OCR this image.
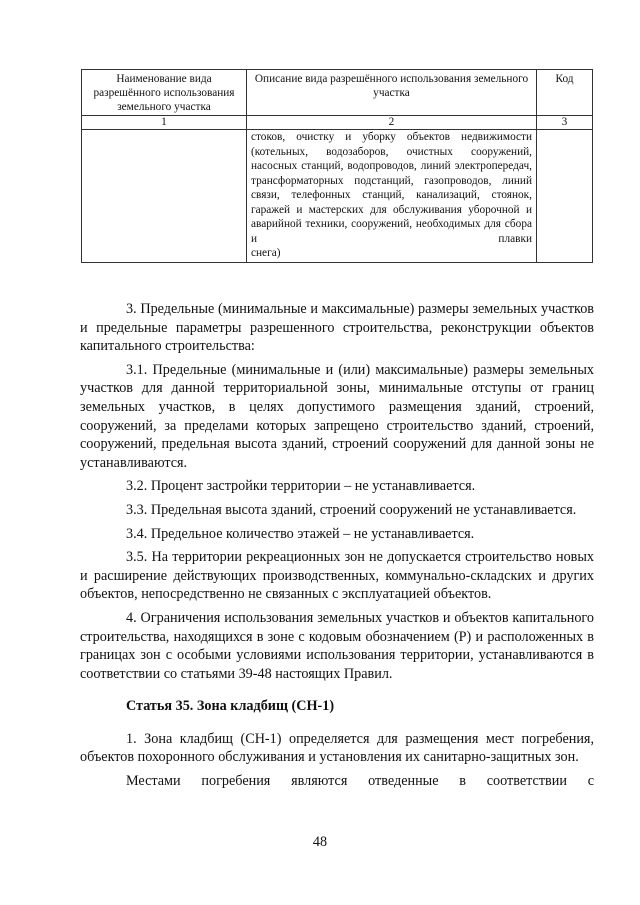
Наименование вида разрешённого использования земельного участка	Описание вида разрешённого использования земельного участка	Код
1	2	3
	стоков, очистку и уборку объектов недвижимости (котельных, водозаборов, очистных сооружений, насосных станций, водопроводов, линий электропередач, трансформаторных подстанций, газопроводов, линий связи, телефонных станций, канализаций, стоянок, гаражей и мастерских для обслуживания уборочной и аварийной техники, сооружений, необходимых для сбора и плавки
снега)	

3. Предельные (минимальные и максимальные) размеры земельных участков и предельные параметры разрешенного строительства, реконструкции объектов капитального строительства:

3.1. Предельные (минимальные и (или) максимальные) размеры земельных участков для данной территориальной зоны, минимальные отступы от границ земельных участков, в целях допустимого размещения зданий, строений, сооружений, за пределами которых запрещено строительство зданий, строений, сооружений, предельная высота зданий, строений сооружений для данной зоны не устанавливаются.

3.2. Процент застройки территории – не устанавливается.

3.3. Предельная высота зданий, строений сооружений не устанавливается.

3.4. Предельное количество этажей – не устанавливается.

3.5. На территории рекреационных зон не допускается строительство новых и расширение действующих производственных, коммунально-складских и других объектов, непосредственно не связанных с эксплуатацией объектов.

4. Ограничения использования земельных участков и объектов капитального строительства, находящихся в зоне с кодовым обозначением (Р) и расположенных в границах зон с особыми условиями использования территории, устанавливаются в соответствии со статьями 39-48 настоящих Правил.

Статья 35. Зона кладбищ (СН-1)

1. Зона кладбищ (СН-1) определяется для размещения мест погребения, объектов похоронного обслуживания и установления их санитарно-защитных зон.

Местами погребения являются отведенные в соответствии с

48
